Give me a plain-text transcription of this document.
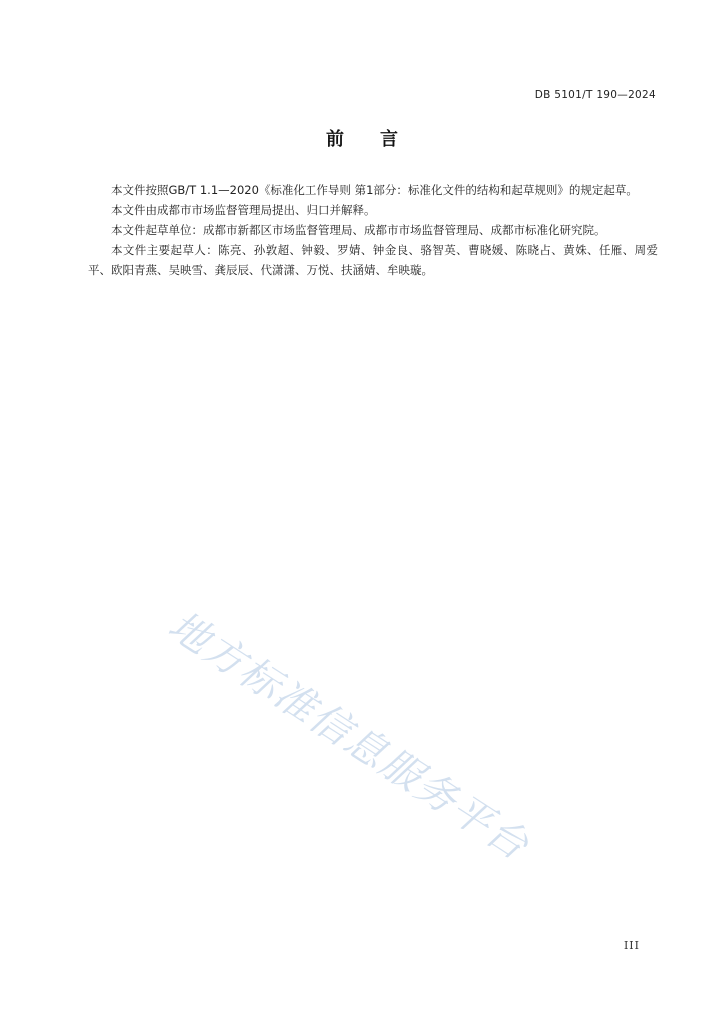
DB 5101/T 190—2024
前 言

本文件按照GB/T 1.1—2020《标准化工作导则 第1部分：标准化文件的结构和起草规则》的规定起草。

本文件由成都市市场监督管理局提出、归口并解释。

本文件起草单位：成都市新都区市场监督管理局、成都市市场监督管理局、成都市标准化研究院。

本文件主要起草人：陈亮、孙敦超、钟毅、罗婧、钟金良、骆智英、曹晓媛、陈晓占、黄姝、任雁、周爱平、欧阳青燕、吴映雪、龚辰辰、代潇潇、万悦、扶涵婧、牟映璇。

地方标准信息服务平台
III
